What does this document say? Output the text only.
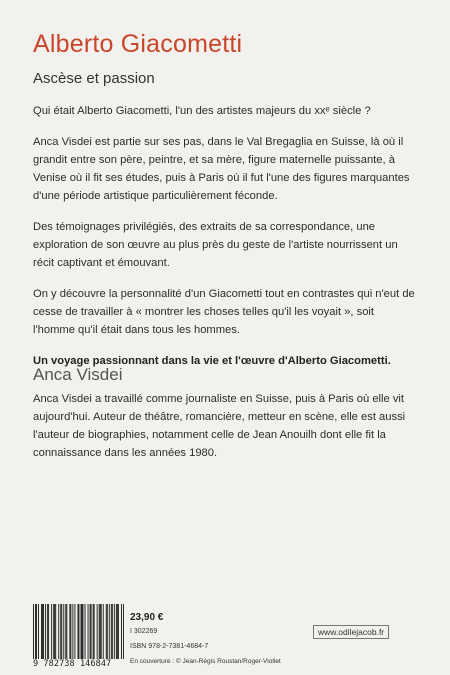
Alberto Giacometti
Ascèse et passion

Qui était Alberto Giacometti, l'un des artistes majeurs du xxᵉ siècle ?

Anca Visdei est partie sur ses pas, dans le Val Bregaglia en Suisse, là où il grandit entre son père, peintre, et sa mère, figure maternelle puissante, à Venise où il fit ses études, puis à Paris où il fut l'une des figures marquantes d'une période artistique particulièrement féconde.

Des témoignages privilégiés, des extraits de sa correspondance, une exploration de son œuvre au plus près du geste de l'artiste nourrissent un récit captivant et émouvant.

On y découvre la personnalité d'un Giacometti tout en contrastes qui n'eut de cesse de travailler à « montrer les choses telles qu'il les voyait », soit l'homme qu'il était dans tous les hommes.

Un voyage passionnant dans la vie et l'œuvre d'Alberto Giacometti.

Anca Visdei

Anca Visdei a travaillé comme journaliste en Suisse, puis à Paris où elle vit aujourd'hui. Auteur de théâtre, romancière, metteur en scène, elle est aussi l'auteur de biographies, notamment celle de Jean Anouilh dont elle fit la connaissance dans les années 1980.

9 782738 146847
23,90 €
I 302269
ISBN 978-2-7381-4684-7
En couverture : © Jean-Régis Roustan/Roger-Viollet
www.odilejacob.fr
